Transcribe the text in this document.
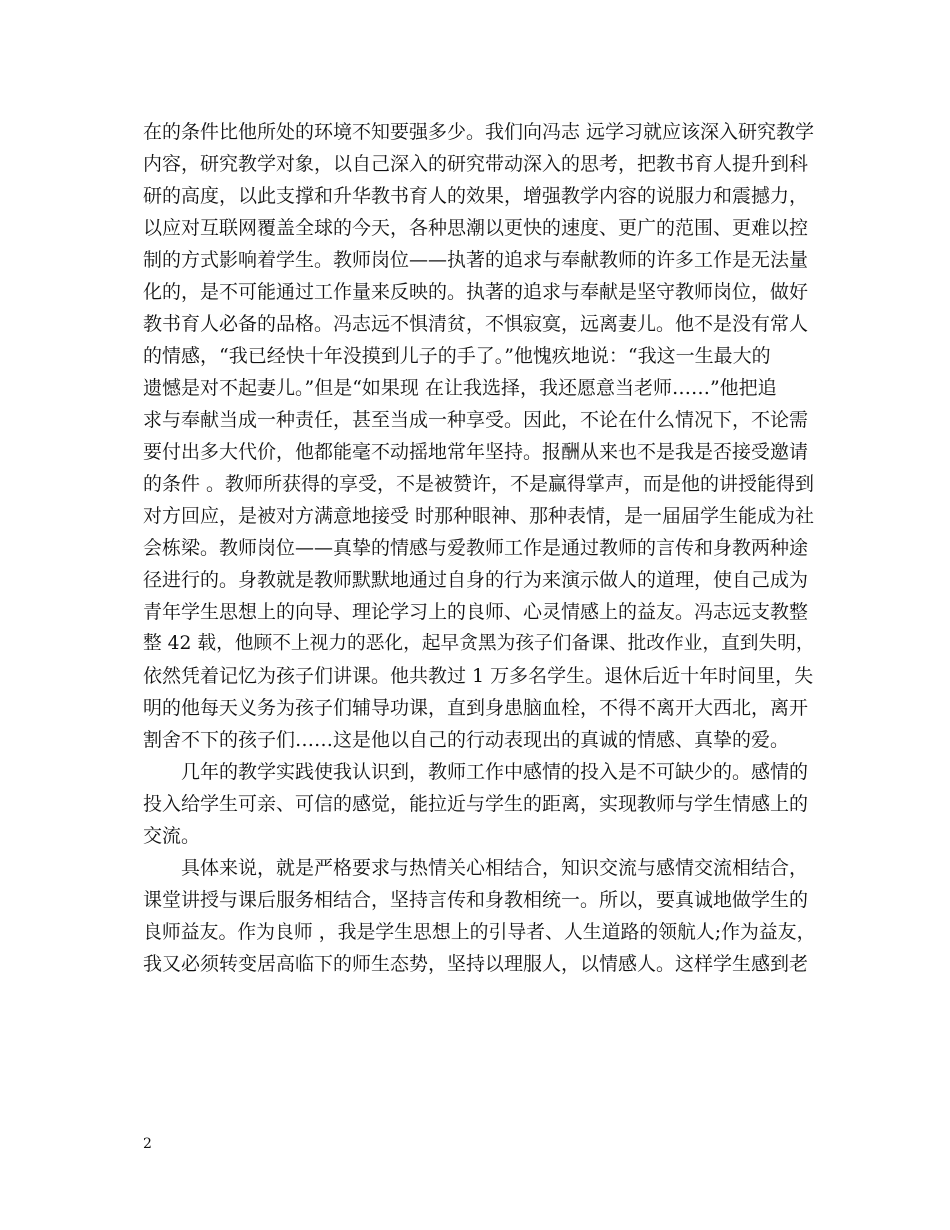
在的条件比他所处的环境不知要强多少。我们向冯志 远学习就应该深入研究教学
内容，研究教学对象，以自己深入的研究带动深入的思考，把教书育人提升到科
研的高度，以此支撑和升华教书育人的效果，增强教学内容的说服力和震撼力，
以应对互联网覆盖全球的今天，各种思潮以更快的速度、更广的范围、更难以控
制的方式影响着学生。教师岗位——执著的追求与奉献教师的许多工作是无法量
化的，是不可能通过工作量来反映的。执著的追求与奉献是坚守教师岗位，做好
教书育人必备的品格。冯志远不惧清贫，不惧寂寞，远离妻儿。他不是没有常人
的情感，“我已经快十年没摸到儿子的手了。”他愧疚地说：“我这一生最大的
遗憾是对不起妻儿。”但是“如果现 在让我选择，我还愿意当老师……”他把追
求与奉献当成一种责任，甚至当成一种享受。因此，不论在什么情况下，不论需
要付出多大代价，他都能毫不动摇地常年坚持。报酬从来也不是我是否接受邀请
的条件 。教师所获得的享受，不是被赞许，不是赢得掌声，而是他的讲授能得到
对方回应，是被对方满意地接受 时那种眼神、那种表情，是一届届学生能成为社
会栋梁。教师岗位——真挚的情感与爱教师工作是通过教师的言传和身教两种途
径进行的。身教就是教师默默地通过自身的行为来演示做人的道理，使自己成为
青年学生思想上的向导、理论学习上的良师、心灵情感上的益友。冯志远支教整
整 42 载，他顾不上视力的恶化，起早贪黑为孩子们备课、批改作业，直到失明，
依然凭着记忆为孩子们讲课。他共教过 1 万多名学生。退休后近十年时间里，失
明的他每天义务为孩子们辅导功课，直到身患脑血栓，不得不离开大西北，离开
割舍不下的孩子们……这是他以自己的行动表现出的真诚的情感、真挚的爱。
几年的教学实践使我认识到，教师工作中感情的投入是不可缺少的。感情的
投入给学生可亲、可信的感觉，能拉近与学生的距离，实现教师与学生情感上的
交流。
具体来说，就是严格要求与热情关心相结合，知识交流与感情交流相结合，
课堂讲授与课后服务相结合，坚持言传和身教相统一。所以，要真诚地做学生的
良师益友。作为良师 ，我是学生思想上的引导者、人生道路的领航人;作为益友，
我又必须转变居高临下的师生态势，坚持以理服人，以情感人。这样学生感到老
2
